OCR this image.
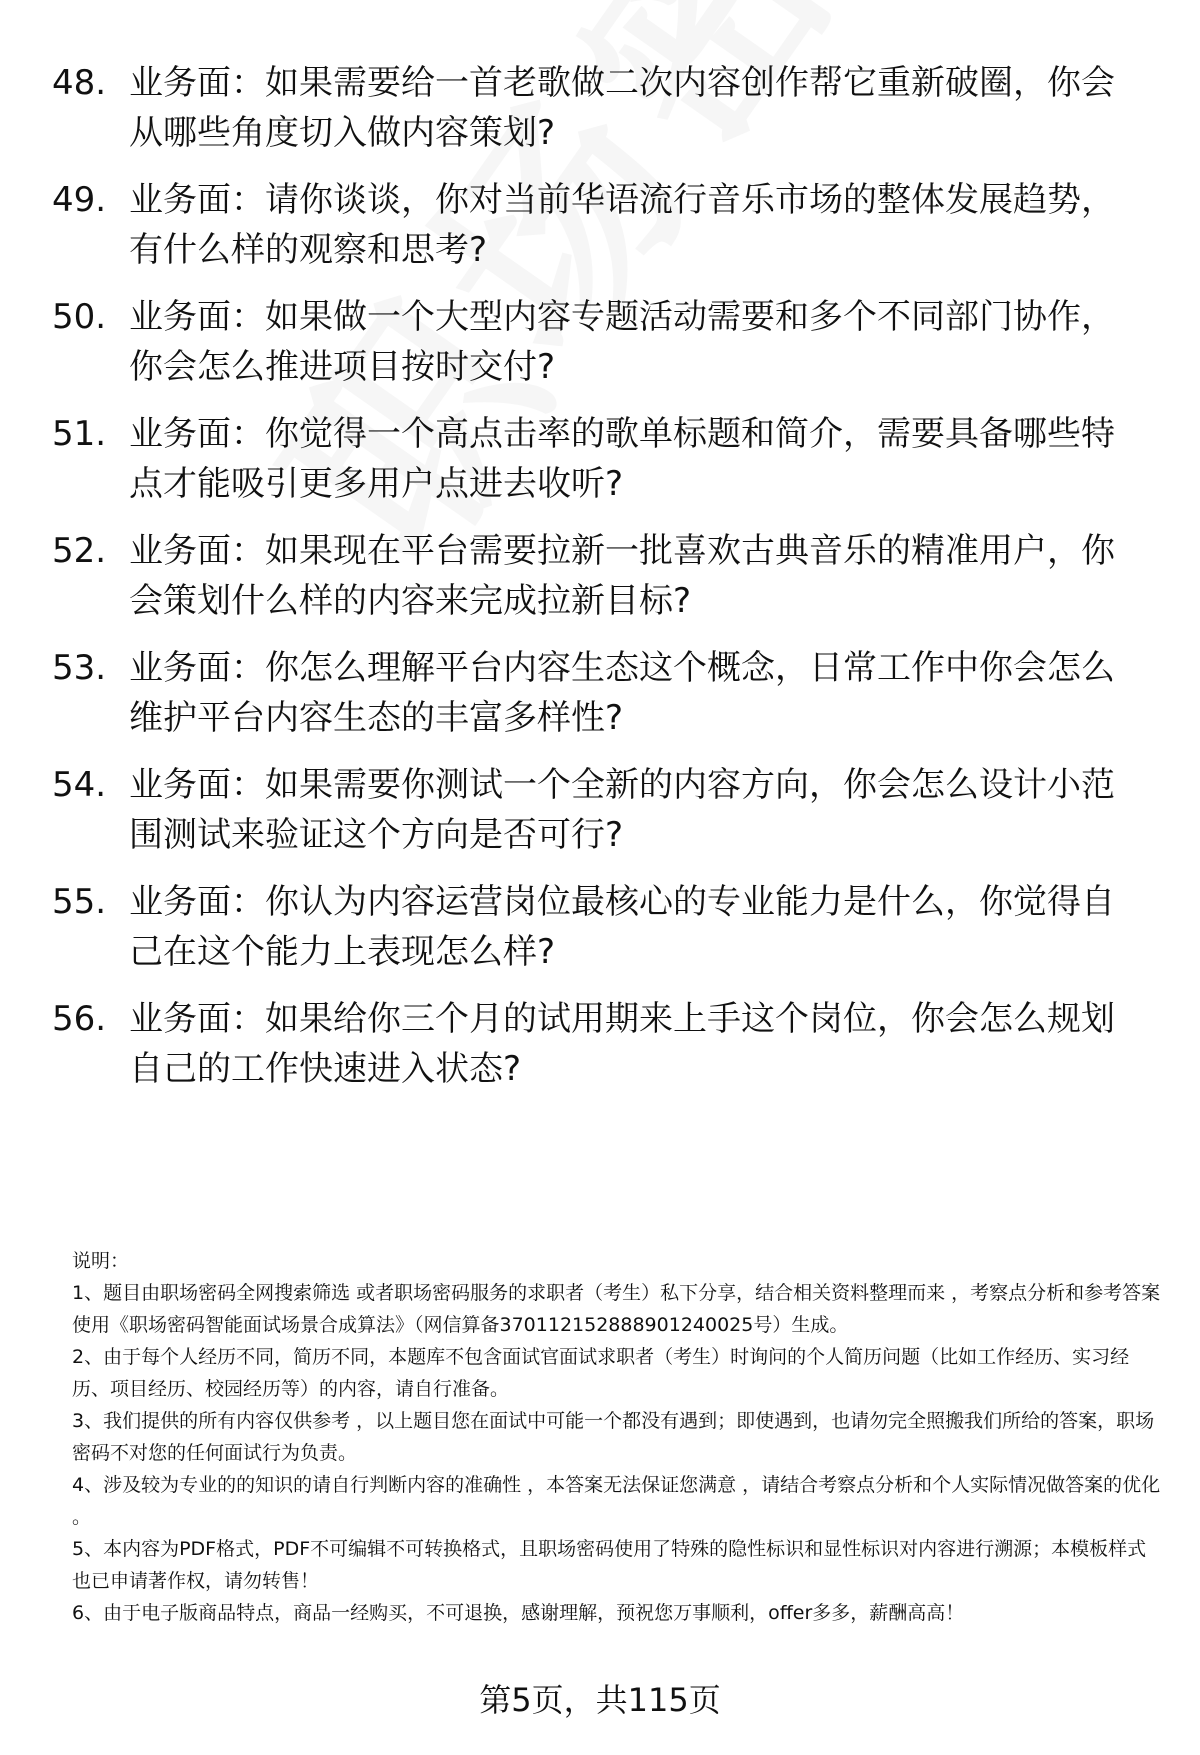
48. 业务面：如果需要给一首老歌做二次内容创作帮它重新破圈，你会从哪些角度切入做内容策划?
49. 业务面：请你谈谈，你对当前华语流行音乐市场的整体发展趋势，有什么样的观察和思考?
50. 业务面：如果做一个大型内容专题活动需要和多个不同部门协作，你会怎么推进项目按时交付?
51. 业务面：你觉得一个高点击率的歌单标题和简介，需要具备哪些特点才能吸引更多用户点进去收听?
52. 业务面：如果现在平台需要拉新一批喜欢古典音乐的精准用户，你会策划什么样的内容来完成拉新目标?
53. 业务面：你怎么理解平台内容生态这个概念，日常工作中你会怎么维护平台内容生态的丰富多样性?
54. 业务面：如果需要你测试一个全新的内容方向，你会怎么设计小范围测试来验证这个方向是否可行?
55. 业务面：你认为内容运营岗位最核心的专业能力是什么，你觉得自己在这个能力上表现怎么样?
56. 业务面：如果给你三个月的试用期来上手这个岗位，你会怎么规划自己的工作快速进入状态?

说明：

1、题目由职场密码全网搜索筛选 或者职场密码服务的求职者（考生）私下分享，结合相关资料整理而来 ，考察点分析和参考答案使用《职场密码智能面试场景合成算法》（网信算备370112152888901240025号）生成。

2、由于每个人经历不同，简历不同，本题库不包含面试官面试求职者（考生）时询问的个人简历问题（比如工作经历、实习经历、项目经历、校园经历等）的内容，请自行准备。

3、我们提供的所有内容仅供参考 ，以上题目您在面试中可能一个都没有遇到；即使遇到，也请勿完全照搬我们所给的答案，职场密码不对您的任何面试行为负责。

4、涉及较为专业的的知识的请自行判断内容的准确性 ，本答案无法保证您满意 ，请结合考察点分析和个人实际情况做答案的优化 。

5、本内容为PDF格式，PDF不可编辑不可转换格式，且职场密码使用了特殊的隐性标识和显性标识对内容进行溯源；本模板样式也已申请著作权，请勿转售！

6、由于电子版商品特点，商品一经购买，不可退换，感谢理解，预祝您万事顺利，offer多多，薪酬高高！

第5页，共115页
